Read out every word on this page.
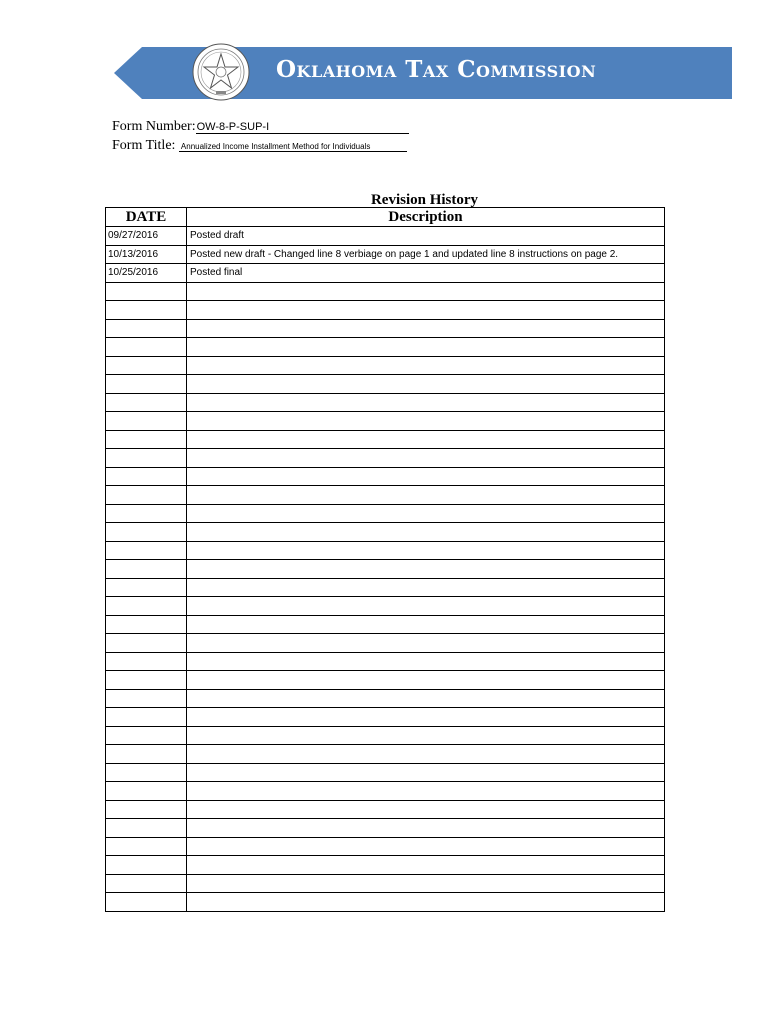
Oklahoma Tax Commission
Form Number:OW-8-P-SUP-I
Form Title: Annualized Income Installment Method for Individuals
Revision History
DATE	Description
09/27/2016	Posted draft
10/13/2016	Posted new draft - Changed line 8 verbiage on page 1 and updated line 8 instructions on page 2.
10/25/2016	Posted final
